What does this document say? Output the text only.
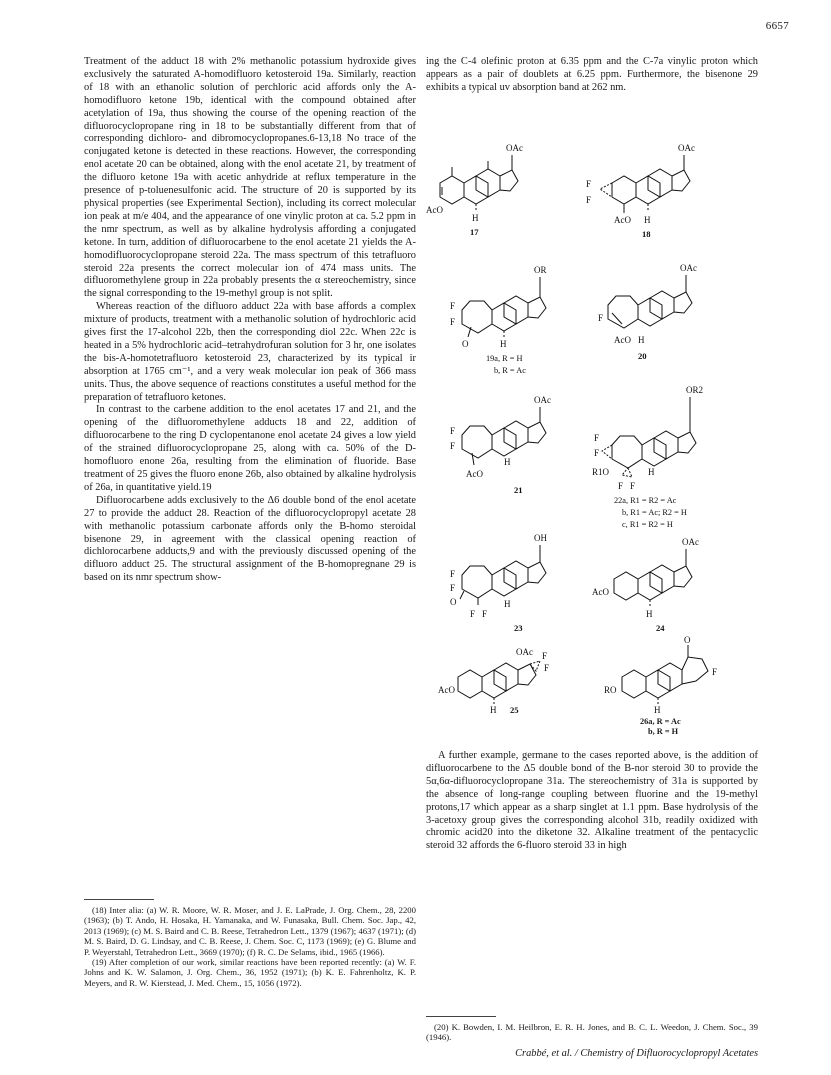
6657

Treatment of the adduct 18 with 2% methanolic potassium hydroxide gives exclusively the saturated A-homodifluoro ketosteroid 19a. Similarly, reaction of 18 with an ethanolic solution of perchloric acid affords only the A-homodifluoro ketone 19b, identical with the compound obtained after acetylation of 19a, thus showing the course of the opening reaction of the difluorocyclopropane ring in 18 to be substantially different from that of corresponding dichloro- and dibromocyclopropanes.6-13,18 No trace of the conjugated ketone is detected in these reactions. However, the corresponding enol acetate 20 can be obtained, along with the enol acetate 21, by treatment of the difluoro ketone 19a with acetic anhydride at reflux temperature in the presence of p-toluenesulfonic acid. The structure of 20 is supported by its physical properties (see Experimental Section), including its correct molecular ion peak at m/e 404, and the appearance of one vinylic proton at ca. 5.2 ppm in the nmr spectrum, as well as by alkaline hydrolysis affording a conjugated ketone. In turn, addition of difluorocarbene to the enol acetate 21 yields the A-homodifluorocyclopropane steroid 22a. The mass spectrum of this tetrafluoro steroid 22a presents the correct molecular ion of 474 mass units. The difluoromethylene group in 22a probably presents the α stereochemistry, since the signal corresponding to the 19-methyl group is not split.

Whereas reaction of the difluoro adduct 22a with base affords a complex mixture of products, treatment with a methanolic solution of hydrochloric acid gives first the 17-alcohol 22b, then the corresponding diol 22c. When 22c is heated in a 5% hydrochloric acid–tetrahydrofuran solution for 3 hr, one isolates the bis-A-homotetrafluoro ketosteroid 23, characterized by its typical ir absorption at 1765 cm⁻¹, and a very weak molecular ion peak of 366 mass units. Thus, the above sequence of reactions constitutes a useful method for the preparation of tetrafluoro ketones.

In contrast to the carbene addition to the enol acetates 17 and 21, and the opening of the difluoromethylene adducts 18 and 22, addition of difluorocarbene to the ring D cyclopentanone enol acetate 24 gives a low yield of the strained difluorocyclopropane 25, along with ca. 50% of the D-homofluoro enone 26a, resulting from the elimination of fluoride. Base treatment of 25 gives the fluoro enone 26b, also obtained by alkaline hydrolysis of 26a, in quantitative yield.19

Difluorocarbene adds exclusively to the Δ6 double bond of the enol acetate 27 to provide the adduct 28. Reaction of the difluorocyclopropyl acetate 28 with methanolic potassium carbonate affords only the B-homo steroidal bisenone 29, in agreement with the classical opening reaction of dichlorocarbene adducts,9 and with the previously discussed opening of the difluoro adduct 25. The structural assignment of the B-homopregnane 29 is based on its nmr spectrum show-

(18) Inter alia: (a) W. R. Moore, W. R. Moser, and J. E. LaPrade, J. Org. Chem., 28, 2200 (1963); (b) T. Ando, H. Hosaka, H. Yamanaka, and W. Funasaka, Bull. Chem. Soc. Jap., 42, 2013 (1969); (c) M. S. Baird and C. B. Reese, Tetrahedron Lett., 1379 (1967); 4637 (1971); (d) M. S. Baird, D. G. Lindsay, and C. B. Reese, J. Chem. Soc. C, 1173 (1969); (e) G. Blume and P. Weyerstahl, Tetrahedron Lett., 3669 (1970); (f) R. C. De Selams, ibid., 1965 (1966).

(19) After completion of our work, similar reactions have been reported recently: (a) W. F. Johns and K. W. Salamon, J. Org. Chem., 36, 1952 (1971); (b) K. E. Fahrenholtz, K. P. Meyers, and R. W. Kierstead, J. Med. Chem., 15, 1056 (1972).

ing the C-4 olefinic proton at 6.35 ppm and the C-7a vinylic proton which appears as a pair of doublets at 6.25 ppm. Furthermore, the bisenone 29 exhibits a typical uv absorption band at 262 nm.

OAc
AcO
H
17
OAc
F
F
AcO H
18
OR
F
F
O	H
19a, R = H
b, R = Ac
OAc
F
AcO H
20
OAc
F
F
AcO
H
21
OR2
F
F
R1O	H
F F
22a, R1 = R2 = Ac
b, R1 = Ac; R2 = H
c, R1 = R2 = H
OH
F
F
O	H
F F
23
OAc
AcO
H
24
OAc F
F
AcO
H 25
O
F
RO
H
26a, R = Ac
b, R = H

A further example, germane to the cases reported above, is the addition of difluorocarbene to the Δ5 double bond of the B-nor steroid 30 to provide the 5α,6α-difluorocyclopropane 31a. The stereochemistry of 31a is supported by the absence of long-range coupling between fluorine and the 19-methyl protons,17 which appear as a sharp singlet at 1.1 ppm. Base hydrolysis of the 3-acetoxy group gives the corresponding alcohol 31b, readily oxidized with chromic acid20 into the diketone 32. Alkaline treatment of the pentacyclic steroid 32 affords the 6-fluoro steroid 33 in high

(20) K. Bowden, I. M. Heilbron, E. R. H. Jones, and B. C. L. Weedon, J. Chem. Soc., 39 (1946).

Crabbé, et al. / Chemistry of Difluorocyclopropyl Acetates
